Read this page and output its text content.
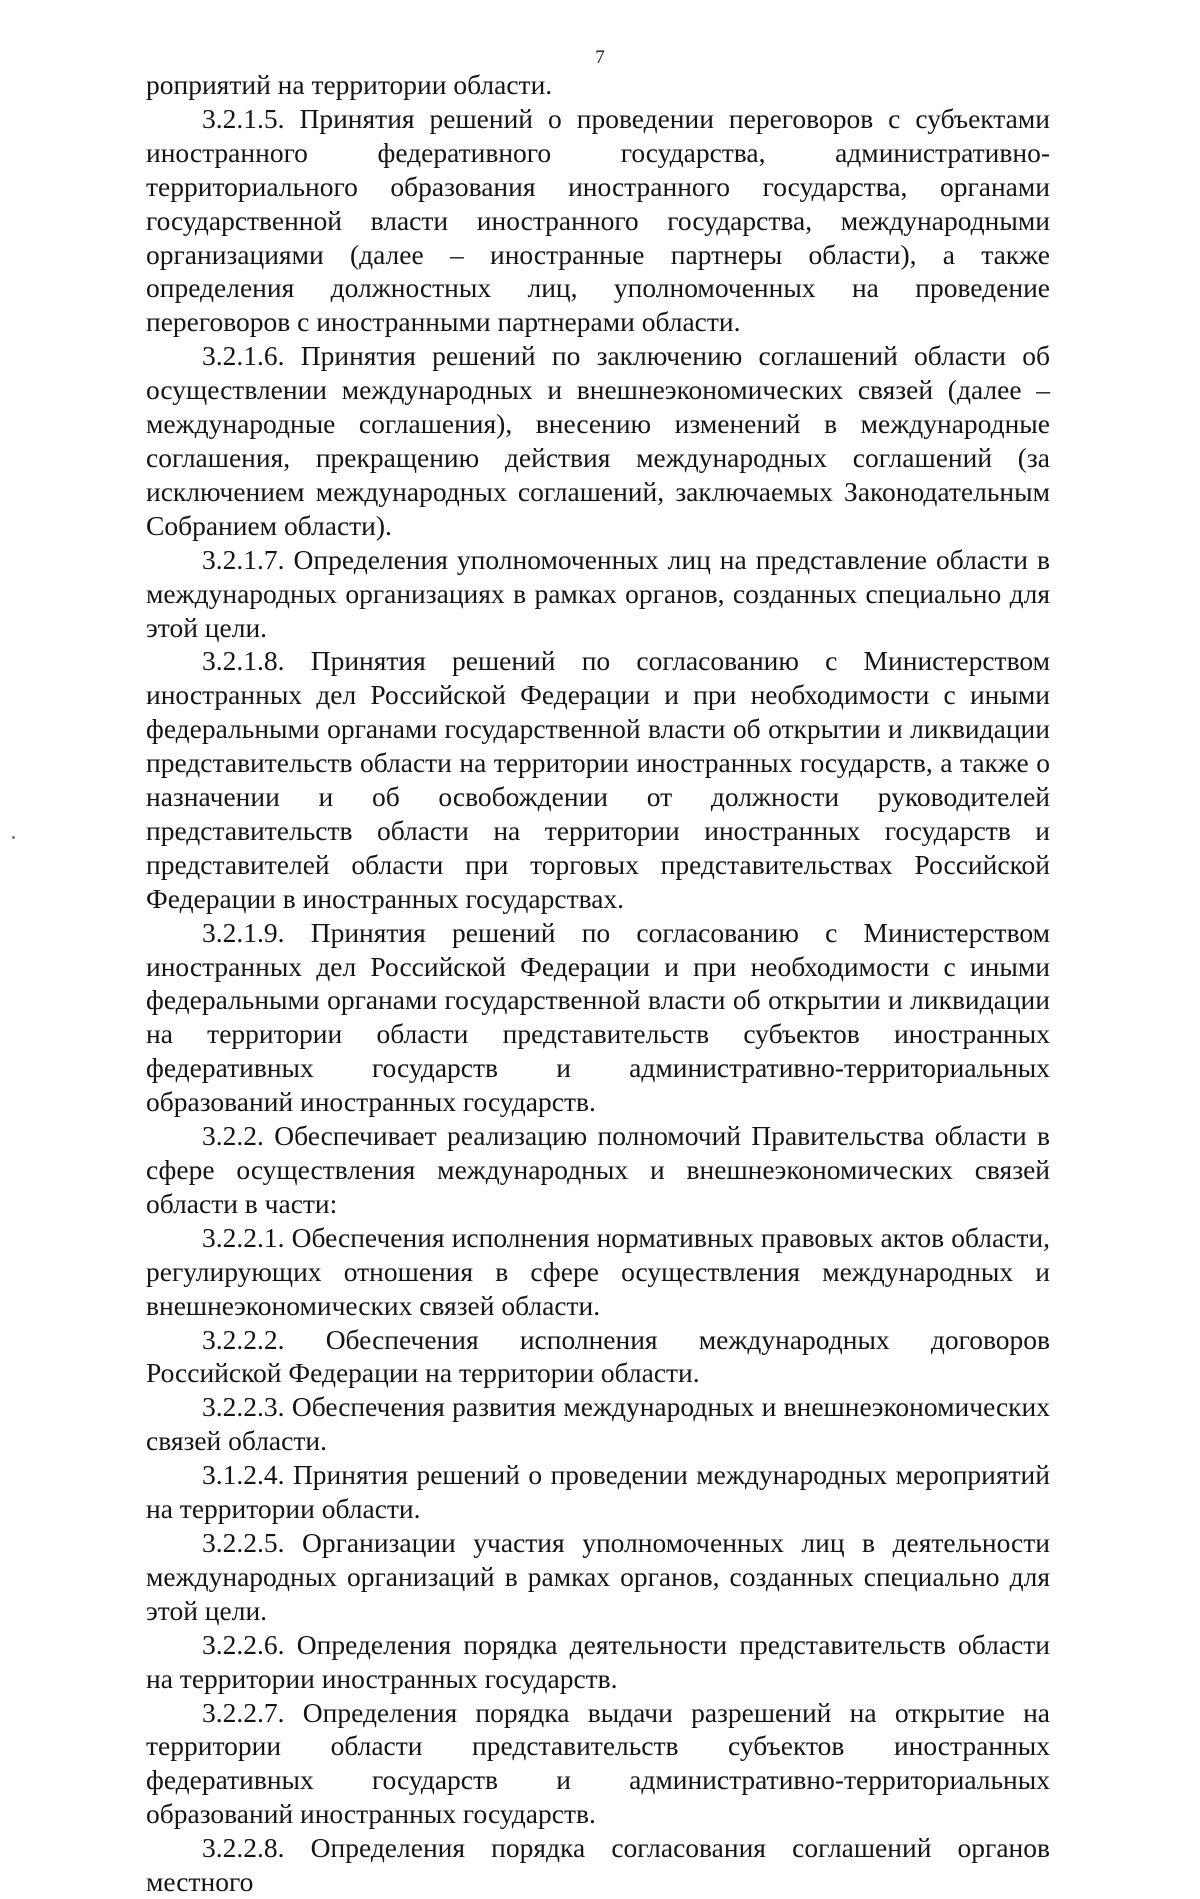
7

роприятий на территории области.

3.2.1.5. Принятия решений о проведении переговоров с субъектами иностранного федеративного государства, административно-территориального образования иностранного государства, органами государственной власти иностранного государства, международными организациями (далее – иностранные партнеры области), а также определения должностных лиц, уполномоченных на проведение переговоров с иностранными партнерами области.

3.2.1.6. Принятия решений по заключению соглашений области об осуществлении международных и внешнеэкономических связей (далее – международные соглашения), внесению изменений в международные соглашения, прекращению действия международных соглашений (за исключением международных соглашений, заключаемых Законодательным Собранием области).

3.2.1.7. Определения уполномоченных лиц на представление области в международных организациях в рамках органов, созданных специально для этой цели.

3.2.1.8. Принятия решений по согласованию с Министерством иностранных дел Российской Федерации и при необходимости с иными федеральными органами государственной власти об открытии и ликвидации представительств области на территории иностранных государств, а также о назначении и об освобождении от должности руководителей представительств области на территории иностранных государств и представителей области при торговых представительствах Российской Федерации в иностранных государствах.

3.2.1.9. Принятия решений по согласованию с Министерством иностранных дел Российской Федерации и при необходимости с иными федеральными органами государственной власти об открытии и ликвидации на территории области представительств субъектов иностранных федеративных государств и административно-территориальных образований иностранных государств.

3.2.2. Обеспечивает реализацию полномочий Правительства области в сфере осуществления международных и внешнеэкономических связей области в части:

3.2.2.1. Обеспечения исполнения нормативных правовых актов области, регулирующих отношения в сфере осуществления международных и внешнеэкономических связей области.

3.2.2.2. Обеспечения исполнения международных договоров Российской Федерации на территории области.

3.2.2.3. Обеспечения развития международных и внешнеэкономических связей области.

3.1.2.4. Принятия решений о проведении международных мероприятий на территории области.

3.2.2.5. Организации участия уполномоченных лиц в деятельности международных организаций в рамках органов, созданных специально для этой цели.

3.2.2.6. Определения порядка деятельности представительств области на территории иностранных государств.

3.2.2.7. Определения порядка выдачи разрешений на открытие на территории области представительств субъектов иностранных федеративных государств и административно-территориальных образований иностранных государств.

3.2.2.8. Определения порядка согласования соглашений органов местного
